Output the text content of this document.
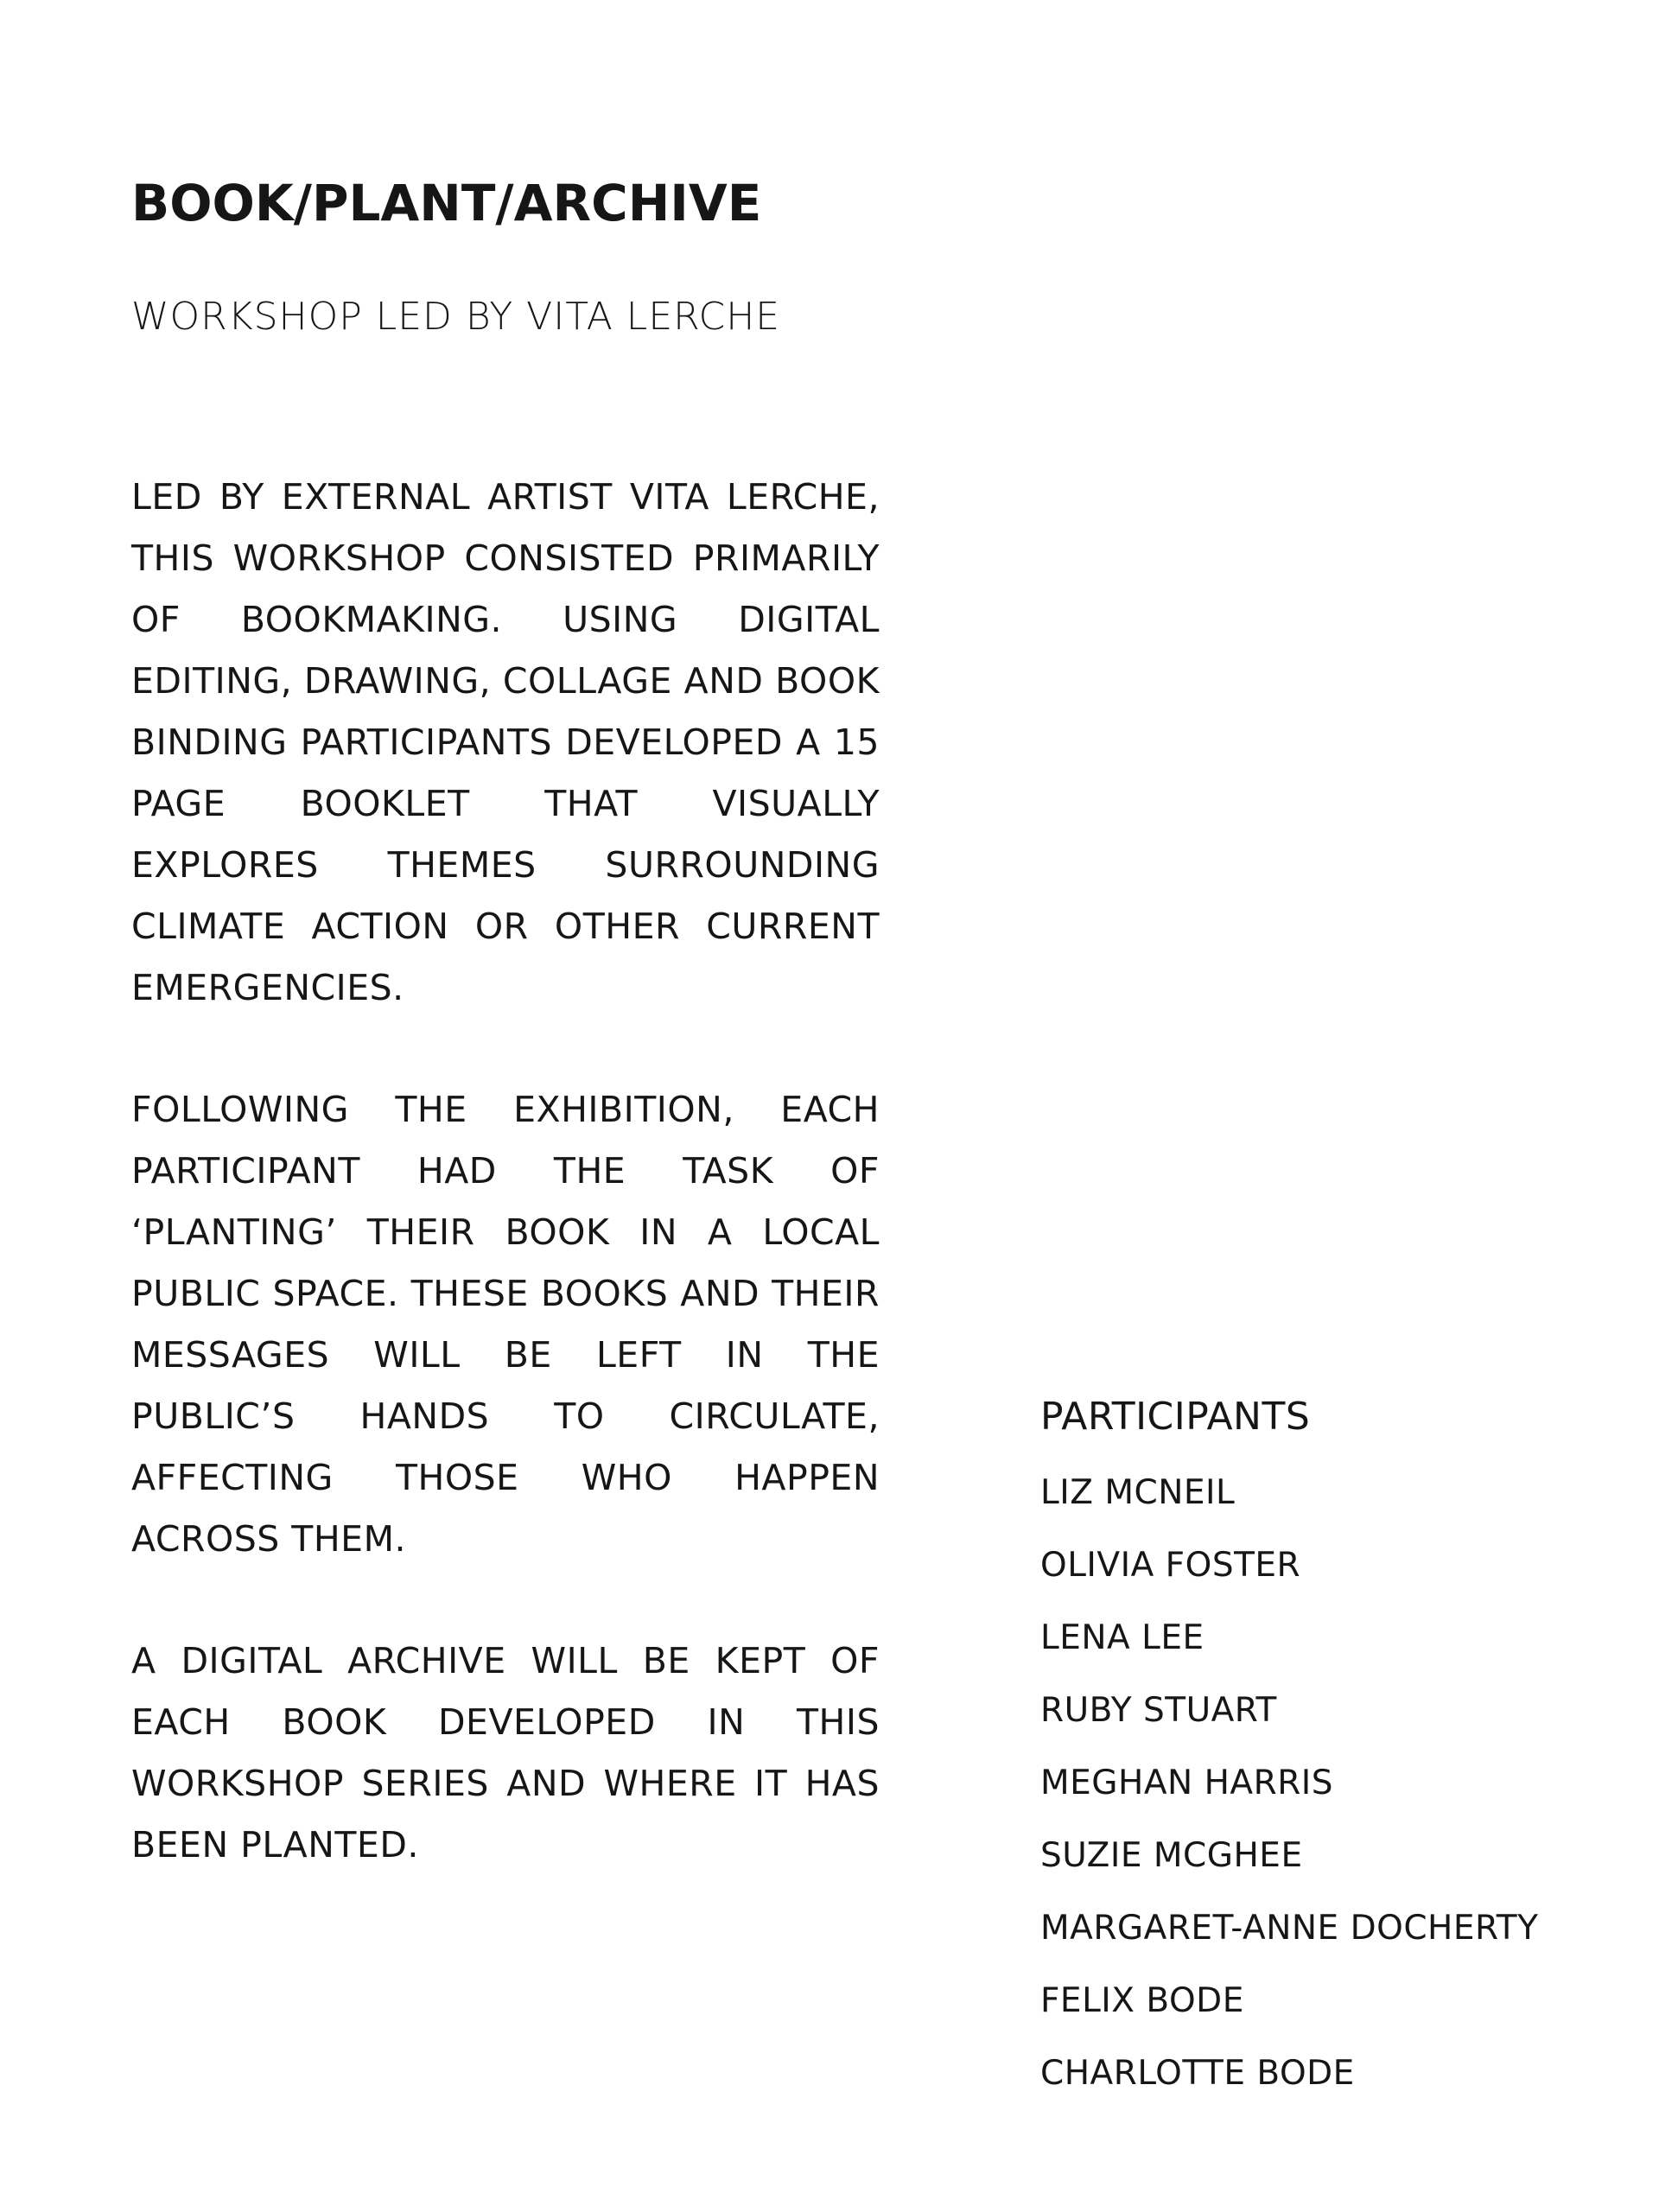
BOOK/PLANT/ARCHIVE
WORKSHOP LED BY VITA LERCHE

LED BY EXTERNAL ARTIST VITA LERCHE, THIS WORKSHOP CONSISTED PRIMARILY OF BOOKMAKING. USING DIGITAL EDITING, DRAWING, COLLAGE AND BOOK BINDING PARTICIPANTS DEVELOPED A 15 PAGE BOOKLET THAT VISUALLY EXPLORES THEMES SURROUNDING CLIMATE ACTION OR OTHER CURRENT EMERGENCIES.

FOLLOWING THE EXHIBITION, EACH PARTICIPANT HAD THE TASK OF ‘PLANTING’ THEIR BOOK IN A LOCAL PUBLIC SPACE. THESE BOOKS AND THEIR MESSAGES WILL BE LEFT IN THE PUBLIC’S HANDS TO CIRCULATE, AFFECTING THOSE WHO HAPPEN ACROSS THEM.

A DIGITAL ARCHIVE WILL BE KEPT OF EACH BOOK DEVELOPED IN THIS WORKSHOP SERIES AND WHERE IT HAS BEEN PLANTED.

PARTICIPANTS
LIZ MCNEIL
OLIVIA FOSTER
LENA LEE
RUBY STUART
MEGHAN HARRIS
SUZIE MCGHEE
MARGARET-ANNE DOCHERTY
FELIX BODE
CHARLOTTE BODE
